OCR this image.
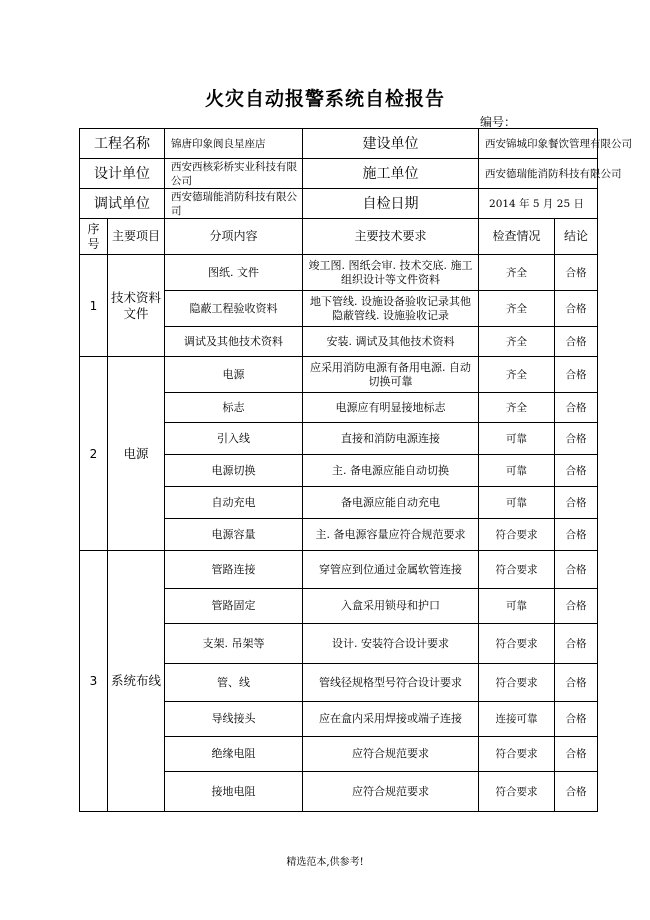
火灾自动报警系统自检报告
编号：
工程名称		锦唐印象阆良星座店	建设单位	西安锦城印象餐饮管理有限公司	
设计单位		西安西核彩桥实业科技有限公司	施工单位	西安德瑞能消防科技有限公司	
调试单位		西安德瑞能消防科技有限公司	自检日期	2014 年 5 月 25 日	
序号	主要项目	分项内容	主要技术要求	检查情况	结论
1	技术资料文件	图纸. 文件	竣工图. 图纸会审. 技术交底. 施工组织设计等文件资料	齐全	合格
		隐蔽工程验收资料	地下管线. 设施设备验收记录其他隐蔽管线. 设施验收记录	齐全	合格
		调试及其他技术资料	安装. 调试及其他技术资料	齐全	合格
2	电源	电源	应采用消防电源有备用电源. 自动切换可靠	齐全	合格
		标志	电源应有明显接地标志	齐全	合格
		引入线	直接和消防电源连接	可靠	合格
		电源切换	主. 备电源应能自动切换	可靠	合格
		自动充电	备电源应能自动充电	可靠	合格
		电源容量	主. 备电源容量应符合规范要求	符合要求	合格
3	系统布线	管路连接	穿管应到位通过金属软管连接	符合要求	合格
		管路固定	入盒采用锁母和护口	可靠	合格
		支架. 吊架等	设计. 安装符合设计要求	符合要求	合格
		管、线	管线径规格型号符合设计要求	符合要求	合格
		导线接头	应在盒内采用焊接或端子连接	连接可靠	合格
		绝缘电阻	应符合规范要求	符合要求	合格
		接地电阻	应符合规范要求	符合要求	合格
精选范本,供参考!
